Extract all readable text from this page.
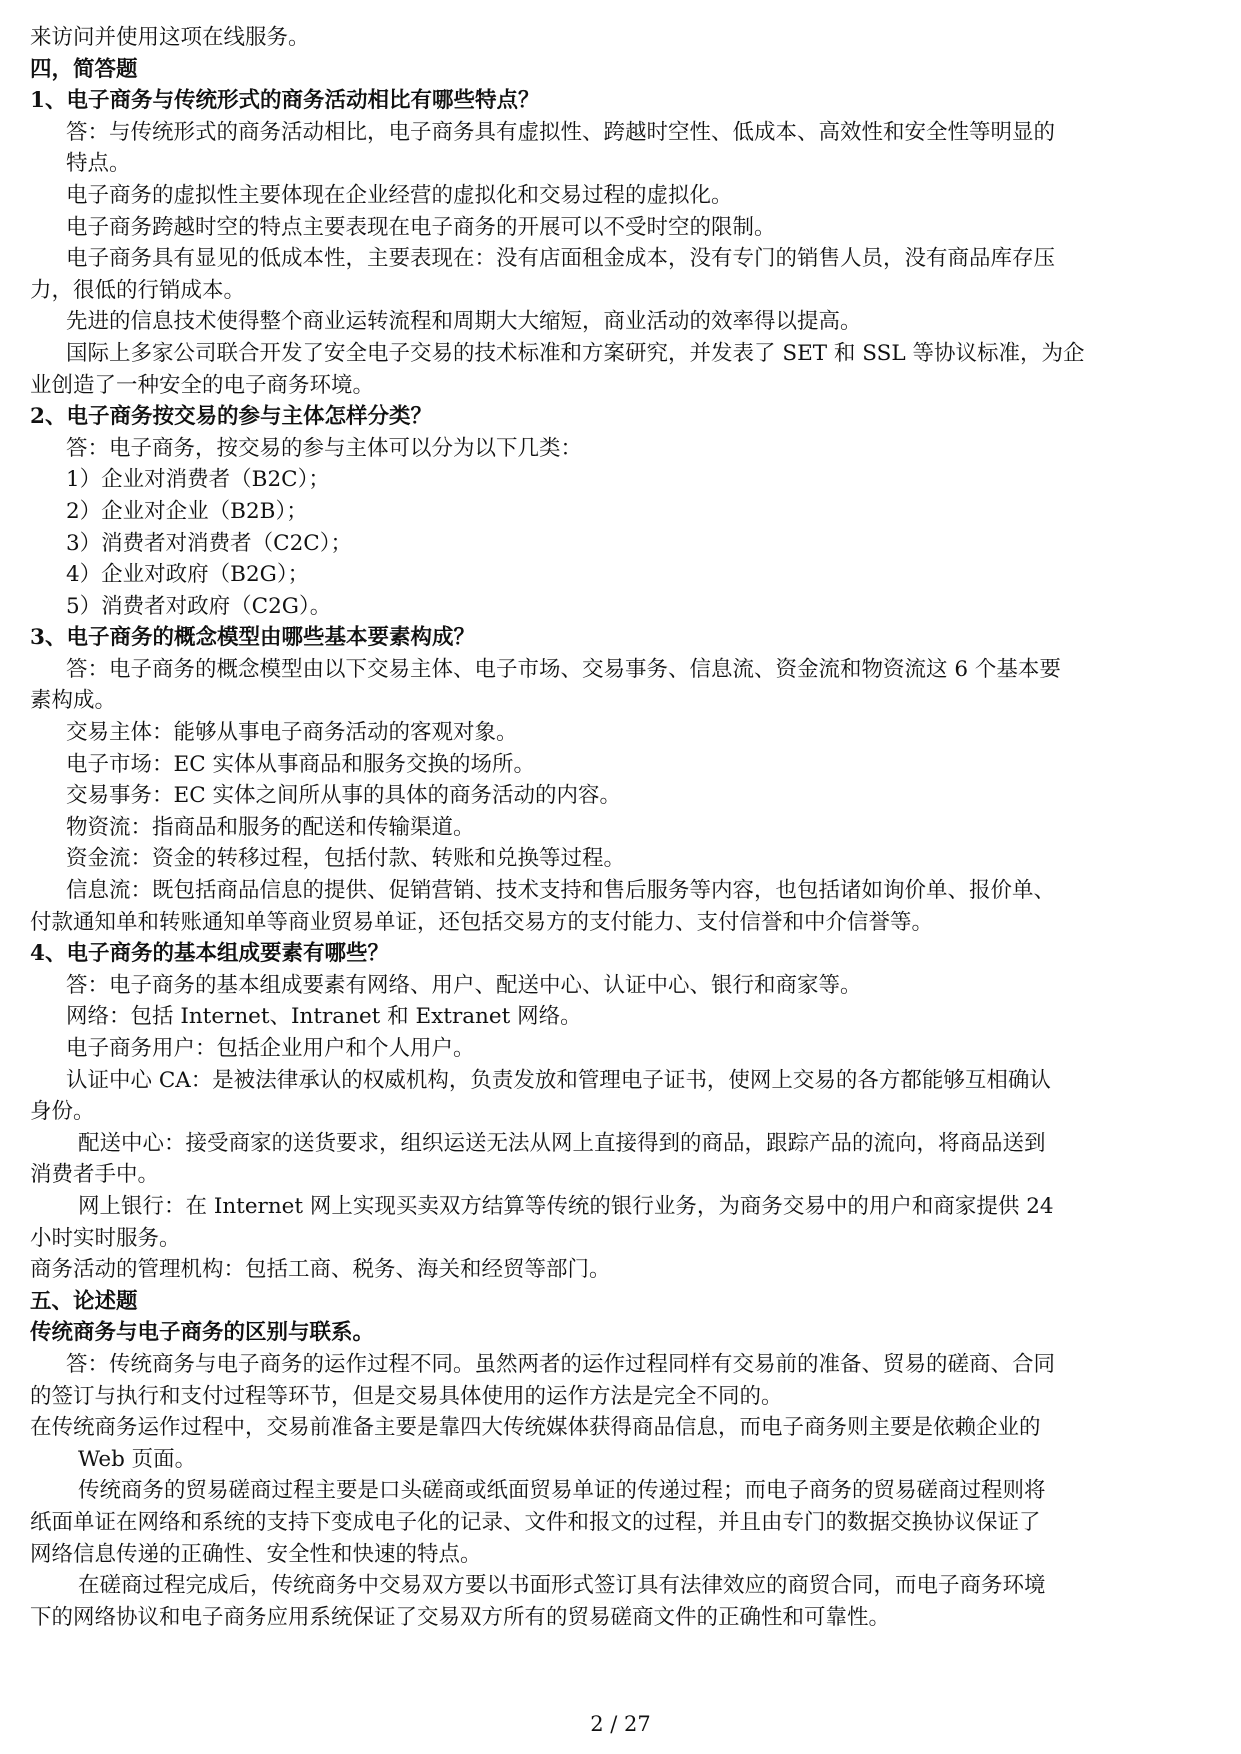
来访问并使用这项在线服务。

四，简答题

1、电子商务与传统形式的商务活动相比有哪些特点？

答：与传统形式的商务活动相比，电子商务具有虚拟性、跨越时空性、低成本、高效性和安全性等明显的

特点。

电子商务的虚拟性主要体现在企业经营的虚拟化和交易过程的虚拟化。

电子商务跨越时空的特点主要表现在电子商务的开展可以不受时空的限制。

电子商务具有显见的低成本性，主要表现在：没有店面租金成本，没有专门的销售人员，没有商品库存压

力，很低的行销成本。

先进的信息技术使得整个商业运转流程和周期大大缩短，商业活动的效率得以提高。

国际上多家公司联合开发了安全电子交易的技术标准和方案研究，并发表了 SET 和 SSL 等协议标准，为企

业创造了一种安全的电子商务环境。

2、电子商务按交易的参与主体怎样分类？

答：电子商务，按交易的参与主体可以分为以下几类：

1）企业对消费者（B2C）；

2）企业对企业（B2B）；

3）消费者对消费者（C2C）；

4）企业对政府（B2G）；

5）消费者对政府（C2G）。

3、电子商务的概念模型由哪些基本要素构成？

答：电子商务的概念模型由以下交易主体、电子市场、交易事务、信息流、资金流和物资流这 6 个基本要

素构成。

交易主体：能够从事电子商务活动的客观对象。

电子市场：EC 实体从事商品和服务交换的场所。

交易事务：EC 实体之间所从事的具体的商务活动的内容。

物资流：指商品和服务的配送和传输渠道。

资金流：资金的转移过程，包括付款、转账和兑换等过程。

信息流：既包括商品信息的提供、促销营销、技术支持和售后服务等内容，也包括诸如询价单、报价单、

付款通知单和转账通知单等商业贸易单证，还包括交易方的支付能力、支付信誉和中介信誉等。

4、电子商务的基本组成要素有哪些？

答：电子商务的基本组成要素有网络、用户、配送中心、认证中心、银行和商家等。

网络：包括 Internet、Intranet 和 Extranet 网络。

电子商务用户：包括企业用户和个人用户。

认证中心 CA：是被法律承认的权威机构，负责发放和管理电子证书，使网上交易的各方都能够互相确认

身份。

配送中心：接受商家的送货要求，组织运送无法从网上直接得到的商品，跟踪产品的流向，将商品送到

消费者手中。

网上银行：在 Internet 网上实现买卖双方结算等传统的银行业务，为商务交易中的用户和商家提供 24

小时实时服务。

商务活动的管理机构：包括工商、税务、海关和经贸等部门。

五、论述题

传统商务与电子商务的区别与联系。

答：传统商务与电子商务的运作过程不同。虽然两者的运作过程同样有交易前的准备、贸易的磋商、合同

的签订与执行和支付过程等环节，但是交易具体使用的运作方法是完全不同的。

在传统商务运作过程中，交易前准备主要是靠四大传统媒体获得商品信息，而电子商务则主要是依赖企业的

Web 页面。

传统商务的贸易磋商过程主要是口头磋商或纸面贸易单证的传递过程；而电子商务的贸易磋商过程则将

纸面单证在网络和系统的支持下变成电子化的记录、文件和报文的过程，并且由专门的数据交换协议保证了

网络信息传递的正确性、安全性和快速的特点。

在磋商过程完成后，传统商务中交易双方要以书面形式签订具有法律效应的商贸合同，而电子商务环境

下的网络协议和电子商务应用系统保证了交易双方所有的贸易磋商文件的正确性和可靠性。

2 / 27
